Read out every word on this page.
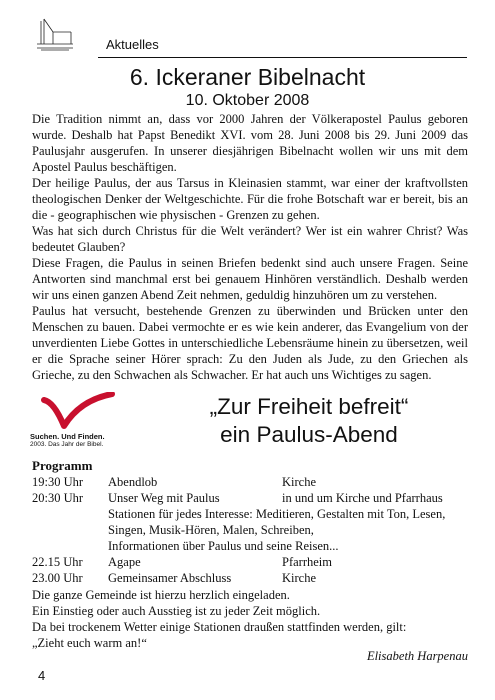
Aktuelles
6. Ickeraner Bibelnacht
10. Oktober 2008

Die Tradition nimmt an, dass vor 2000 Jahren der Völkerapostel Paulus geboren wurde. Deshalb hat Papst Benedikt XVI. vom 28. Juni 2008 bis 29. Juni 2009 das Paulusjahr ausgerufen. In unserer diesjährigen Bibelnacht wollen wir uns mit dem Apostel Paulus beschäftigen.

Der heilige Paulus, der aus Tarsus in Kleinasien stammt, war einer der kraftvollsten theologischen Denker der Weltgeschichte. Für die frohe Botschaft war er bereit, bis an die - geographischen wie physischen - Grenzen zu gehen.

Was hat sich durch Christus für die Welt verändert? Wer ist ein wahrer Christ? Was bedeutet Glauben?

Diese Fragen, die Paulus in seinen Briefen bedenkt sind auch unsere Fragen. Seine Antworten sind manchmal erst bei genauem Hinhören verständlich. Deshalb werden wir uns einen ganzen Abend Zeit nehmen, geduldig hinzuhören um zu verstehen.

Paulus hat versucht, bestehende Grenzen zu überwinden und Brücken unter den Menschen zu bauen. Dabei vermochte er es wie kein anderer, das Evangelium von der unverdienten Liebe Gottes in unterschiedliche Lebensräume hinein zu übersetzen, weil er die Sprache seiner Hörer sprach: Zu den Juden als Jude, zu den Griechen als Grieche, zu den Schwachen als Schwacher. Er hat auch uns Wichtiges zu sagen.

Suchen. Und Finden.
2003. Das Jahr der Bibel.
„Zur Freiheit befreit“
ein Paulus-Abend
Programm
19:30 Uhr Abendlob	Kirche
20:30 Uhr Unser Weg mit Paulus	in und um Kirche und Pfarrhaus
Stationen für jedes Interesse: Meditieren, Gestalten mit Ton, Lesen,
Singen, Musik-Hören, Malen, Schreiben,
Informationen über Paulus und seine Reisen...
22.15 Uhr Agape	Pfarrheim
23.00 Uhr Gemeinsamer Abschluss	Kirche

Die ganze Gemeinde ist hierzu herzlich eingeladen.

Ein Einstieg oder auch Ausstieg ist zu jeder Zeit möglich.

Da bei trockenem Wetter einige Stationen draußen stattfinden werden, gilt:

„Zieht euch warm an!“

Elisabeth Harpenau
4
